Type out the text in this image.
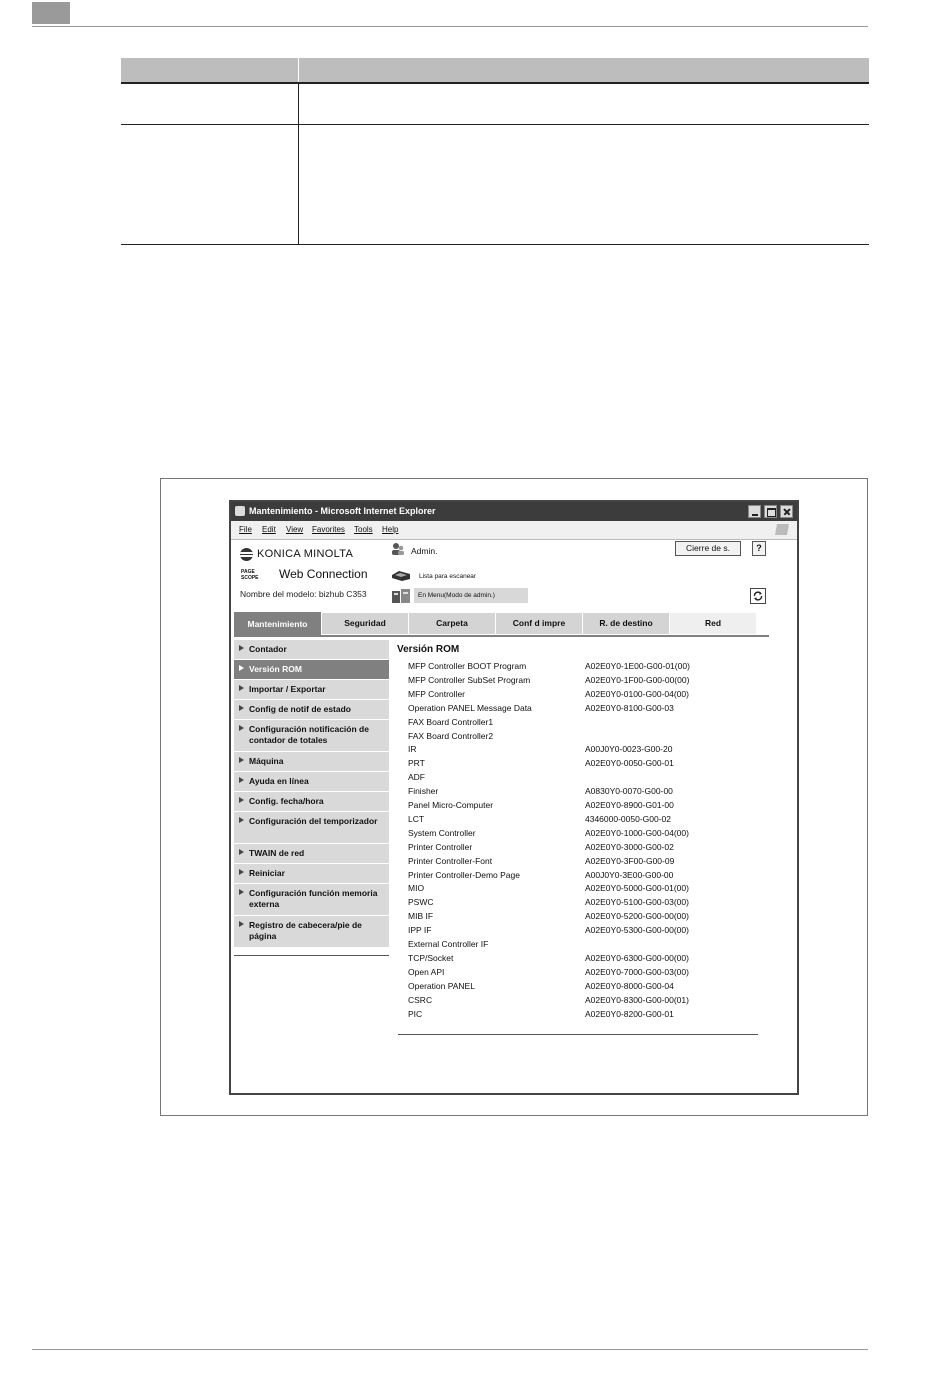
Mantenimiento - Microsoft Internet Explorer
File Edit View Favorites Tools Help
KONICA MINOLTA
PAGE SCOPE Web Connection
Nombre del modelo: bizhub C353
Admin.	Cierre de s.	?
Lista para escanear
En Menu(Modo de admin.)
Mantenimiento	Seguridad	Carpeta	Conf d impre	R. de destino	Red
Contador
Versión ROM
Importar / Exportar
Config de notif de estado
Configuración notificación de contador de totales
Máquina
Ayuda en línea
Config. fecha/hora
Configuración del temporizador
TWAIN de red
Reiniciar
Configuración función memoria externa
Registro de cabecera/pie de página
Versión ROM
MFP Controller BOOT Program	A02E0Y0-1E00-G00-01(00)
MFP Controller SubSet Program	A02E0Y0-1F00-G00-00(00)
MFP Controller	A02E0Y0-0100-G00-04(00)
Operation PANEL Message Data	A02E0Y0-8100-G00-03
FAX Board Controller1
FAX Board Controller2
IR	A00J0Y0-0023-G00-20
PRT	A02E0Y0-0050-G00-01
ADF
Finisher	A0830Y0-0070-G00-00
Panel Micro-Computer	A02E0Y0-8900-G01-00
LCT	4346000-0050-G00-02
System Controller	A02E0Y0-1000-G00-04(00)
Printer Controller	A02E0Y0-3000-G00-02
Printer Controller-Font	A02E0Y0-3F00-G00-09
Printer Controller-Demo Page	A00J0Y0-3E00-G00-00
MIO	A02E0Y0-5000-G00-01(00)
PSWC	A02E0Y0-5100-G00-03(00)
MIB IF	A02E0Y0-5200-G00-00(00)
IPP IF	A02E0Y0-5300-G00-00(00)
External Controller IF
TCP/Socket	A02E0Y0-6300-G00-00(00)
Open API	A02E0Y0-7000-G00-03(00)
Operation PANEL	A02E0Y0-8000-G00-04
CSRC	A02E0Y0-8300-G00-00(01)
PIC	A02E0Y0-8200-G00-01
